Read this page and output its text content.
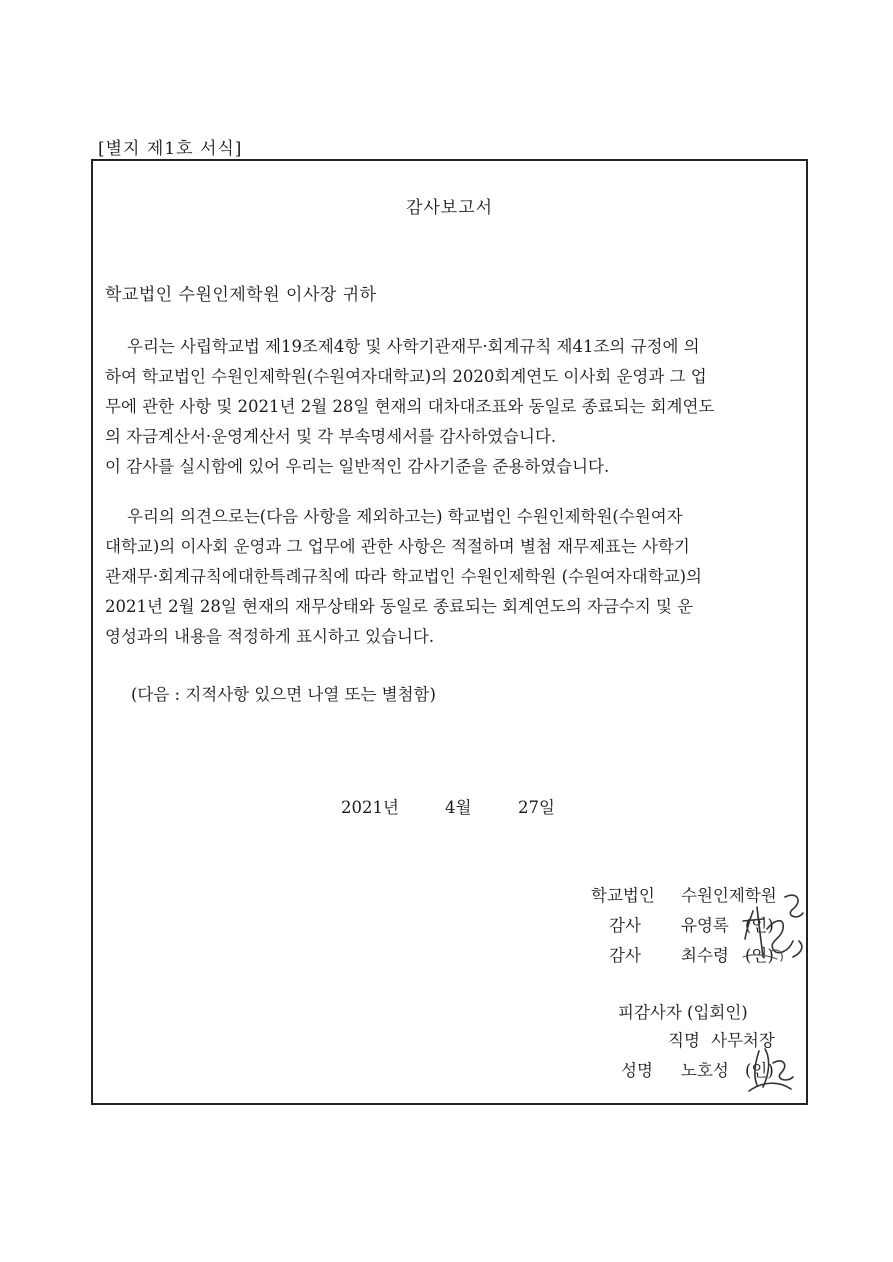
[별지 제1호 서식]
감사보고서
학교법인 수원인제학원 이사장 귀하
우리는 사립학교법 제19조제4항 및 사학기관재무·회계규칙 제41조의 규정에 의
하여 학교법인 수원인제학원(수원여자대학교)의 2020회계연도 이사회 운영과 그 업
무에 관한 사항 및 2021년 2월 28일 현재의 대차대조표와 동일로 종료되는 회계연도
의 자금계산서·운영계산서 및 각 부속명세서를 감사하였습니다.
이 감사를 실시함에 있어 우리는 일반적인 감사기준을 준용하였습니다.
우리의 의견으로는(다음 사항을 제외하고는) 학교법인 수원인제학원(수원여자
대학교)의 이사회 운영과 그 업무에 관한 사항은 적절하며 별첨 재무제표는 사학기
관재무·회계규칙에대한특례규칙에 따라 학교법인 수원인제학원 (수원여자대학교)의
2021년 2월 28일 현재의 재무상태와 동일로 종료되는 회계연도의 자금수지 및 운
영성과의 내용을 적정하게 표시하고 있습니다.
(다음 : 지적사항 있으면 나열 또는 별첨함)
2021년	4월	27일
학교법인 수원인제학원
감사 유영록 (인)
감사 최수령 (인)
피감사자 (입회인)
직명 사무처장
성명 노호성 (인)
